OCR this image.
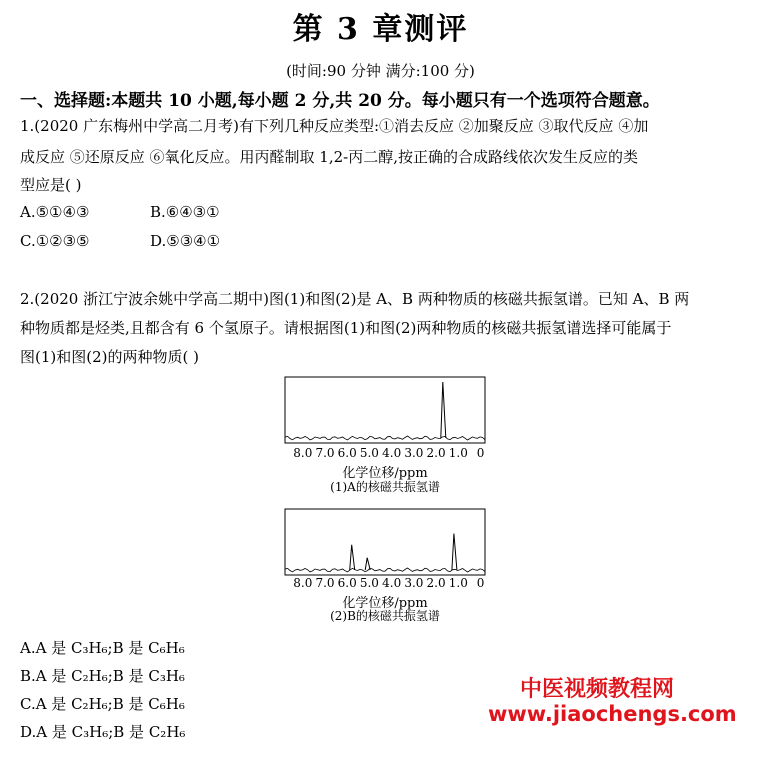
第 3 章测评
(时间:90 分钟 满分:100 分)
一、选择题:本题共 10 小题,每小题 2 分,共 20 分。每小题只有一个选项符合题意。
1.(2020 广东梅州中学高二月考)有下列几种反应类型:①消去反应 ②加聚反应 ③取代反应 ④加
成反应 ⑤还原反应 ⑥氧化反应。用丙醛制取 1,2-丙二醇,按正确的合成路线依次发生反应的类
型应是( )
A.⑤①④③	B.⑥④③①
C.①②③⑤	D.⑤③④①
2.(2020 浙江宁波余姚中学高二期中)图(1)和图(2)是 A、B 两种物质的核磁共振氢谱。已知 A、B 两
种物质都是烃类,且都含有 6 个氢原子。请根据图(1)和图(2)两种物质的核磁共振氢谱选择可能属于
图(1)和图(2)的两种物质( )
8.0 7.0 6.0 5.0 4.0 3.0 2.0 1.0 0
化学位移/ppm
(1)A的核磁共振氢谱
8.0 7.0 6.0 5.0 4.0 3.0 2.0 1.0 0
化学位移/ppm
(2)B的核磁共振氢谱
A.A 是 C₃H₆;B 是 C₆H₆
B.A 是 C₂H₆;B 是 C₃H₆
C.A 是 C₂H₆;B 是 C₆H₆
D.A 是 C₃H₆;B 是 C₂H₆
中医视频教程网
www.jiaochengs.com
